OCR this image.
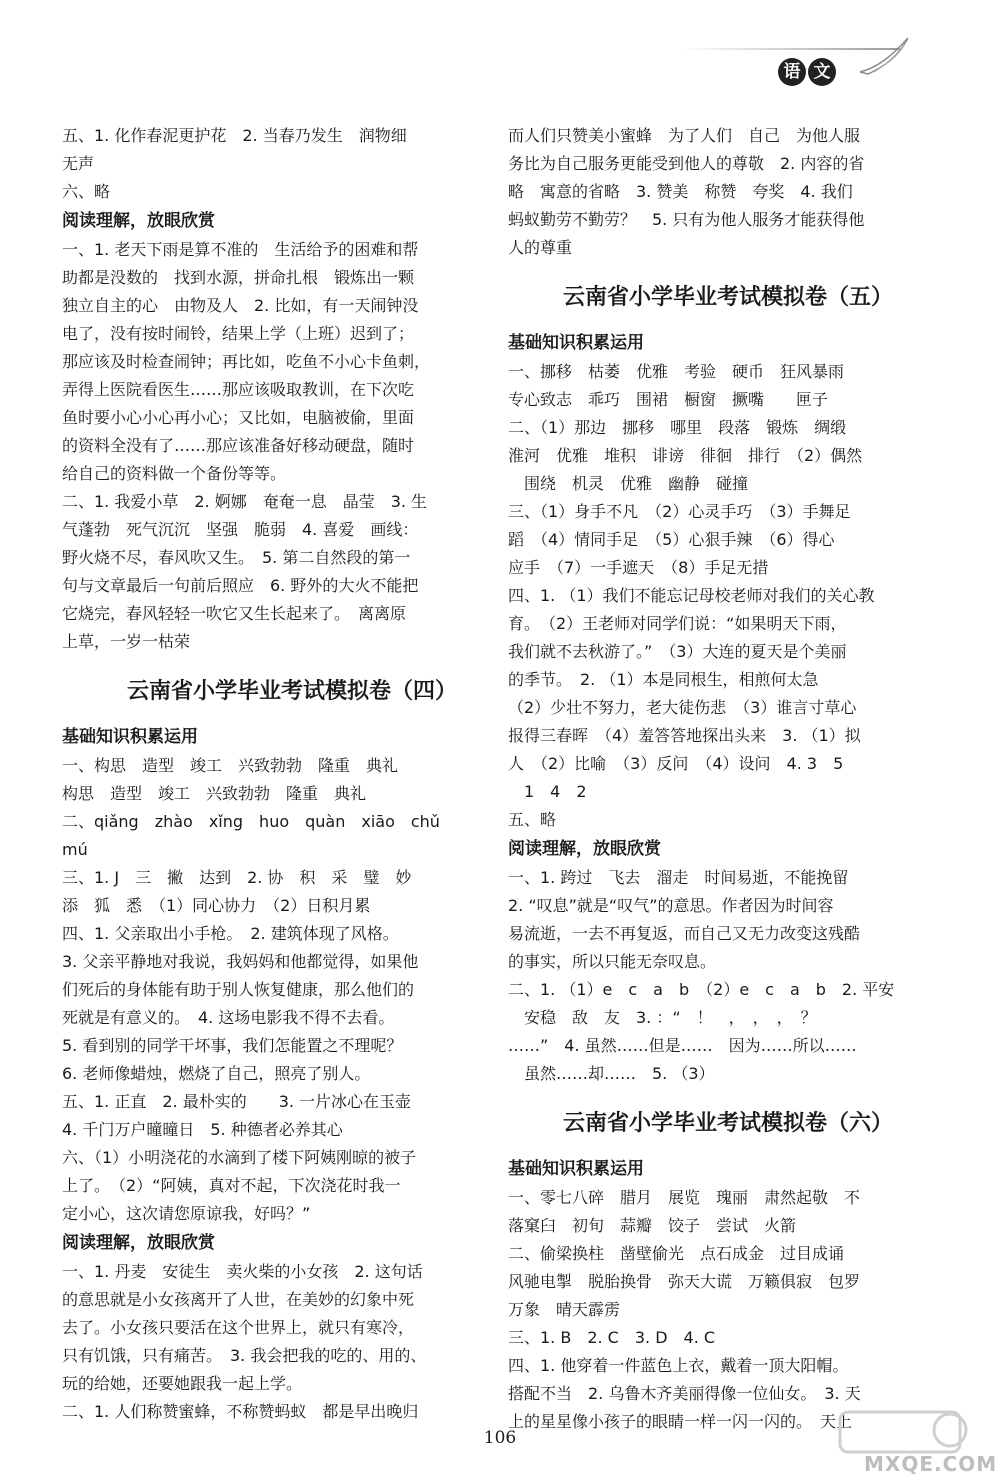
语 文

五、1. 化作春泥更护花　2. 当春乃发生　润物细

无声

六、略

阅读理解，放眼欣赏

一、1. 老天下雨是算不准的　生活给予的困难和帮

助都是没数的　找到水源，拼命扎根　锻炼出一颗

独立自主的心　由物及人　2. 比如，有一天闹钟没

电了，没有按时闹铃，结果上学（上班）迟到了；

那应该及时检查闹钟；再比如，吃鱼不小心卡鱼刺，

弄得上医院看医生……那应该吸取教训，在下次吃

鱼时要小心小心再小心；又比如，电脑被偷，里面

的资料全没有了……那应该准备好移动硬盘，随时

给自己的资料做一个备份等等。

二、1. 我爱小草　2. 婀娜　奄奄一息　晶莹　3. 生

气蓬勃　死气沉沉　坚强　脆弱　4. 喜爱　画线：

野火烧不尽，春风吹又生。　5. 第二自然段的第一

句与文章最后一句前后照应　6. 野外的大火不能把

它烧完，春风轻轻一吹它又生长起来了。　离离原

上草，一岁一枯荣

云南省小学毕业考试模拟卷（四）

基础知识积累运用

一、构思　造型　竣工　兴致勃勃　隆重　典礼

构思　造型　竣工　兴致勃勃　隆重　典礼

二、qiǎng　zhào　xǐng　huo　quàn　xiāo　chǔ

mú

三、1. J　三　撇　达到　2. 协　积　采　璧　妙

添　狐　悉　（1）同心协力　（2）日积月累

四、1. 父亲取出小手枪。　2. 建筑体现了风格。

3. 父亲平静地对我说，我妈妈和他都觉得，如果他

们死后的身体能有助于别人恢复健康，那么他们的

死就是有意义的。　4. 这场电影我不得不去看。

5. 看到别的同学干坏事，我们怎能置之不理呢？

6. 老师像蜡烛，燃烧了自己，照亮了别人。

五、1. 正直　2. 最朴实的　　3. 一片冰心在玉壶

4. 千门万户曈曈日　5. 种德者必养其心

六、（1）小明浇花的水滴到了楼下阿姨刚晾的被子

上了。　（2）“阿姨，真对不起，下次浇花时我一

定小心，这次请您原谅我，好吗？”

阅读理解，放眼欣赏

一、1. 丹麦　安徒生　卖火柴的小女孩　2. 这句话

的意思就是小女孩离开了人世，在美妙的幻象中死

去了。小女孩只要活在这个世界上，就只有寒冷，

只有饥饿，只有痛苦。　3. 我会把我的吃的、用的、

玩的给她，还要她跟我一起上学。

二、1. 人们称赞蜜蜂，不称赞蚂蚁　都是早出晚归

而人们只赞美小蜜蜂　为了人们　自己　为他人服

务比为自己服务更能受到他人的尊敬　2. 内容的省

略　寓意的省略　3. 赞美　称赞　夸奖　4. 我们

蚂蚁勤劳不勤劳？　5. 只有为他人服务才能获得他

人的尊重

云南省小学毕业考试模拟卷（五）

基础知识积累运用

一、挪移　枯萎　优雅　考验　硬币　狂风暴雨

专心致志　乖巧　围裙　橱窗　撅嘴　　匣子

二、（1）那边　挪移　哪里　段落　锻炼　绸缎

淮河　优雅　堆积　诽谤　徘徊　排行　（2）偶然

　围绕　机灵　优雅　幽静　碰撞

三、（1）身手不凡　（2）心灵手巧　（3）手舞足

蹈　（4）情同手足　（5）心狠手辣　（6）得心

应手　（7）一手遮天　（8）手足无措

四、1. （1）我们不能忘记母校老师对我们的关心教

育。　（2）王老师对同学们说：“如果明天下雨，

我们就不去秋游了。”　（3）大连的夏天是个美丽

的季节。　2. （1）本是同根生，相煎何太急

（2）少壮不努力，老大徒伤悲　（3）谁言寸草心

报得三春晖　（4）羞答答地探出头来　3. （1）拟

人　（2）比喻　（3）反问　（4）设问　4. 3　5

　1　4　2

五、略

阅读理解，放眼欣赏

一、1. 跨过　飞去　溜走　时间易逝，不能挽留

2. “叹息”就是“叹气”的意思。作者因为时间容

易流逝，一去不再复返，而自己又无力改变这残酷

的事实，所以只能无奈叹息。

二、1. （1）e　c　a　b　（2）e　c　a　b　2. 平安

　安稳　敌　友　3. ：“　！　，　，　，　？

……”　4. 虽然……但是……　因为……所以……

　虽然……却……　5. （3）

云南省小学毕业考试模拟卷（六）

基础知识积累运用

一、零七八碎　腊月　展览　瑰丽　肃然起敬　不

落窠臼　初旬　蒜瓣　饺子　尝试　火箭

二、偷梁换柱　凿壁偷光　点石成金　过目成诵

风驰电掣　脱胎换骨　弥天大谎　万籁俱寂　包罗

万象　晴天霹雳

三、1. B　2. C　3. D　4. C

四、1. 他穿着一件蓝色上衣，戴着一顶大阳帽。

搭配不当　2. 乌鲁木齐美丽得像一位仙女。　3. 天

上的星星像小孩子的眼睛一样一闪一闪的。　天上

106
MXQE.COM
